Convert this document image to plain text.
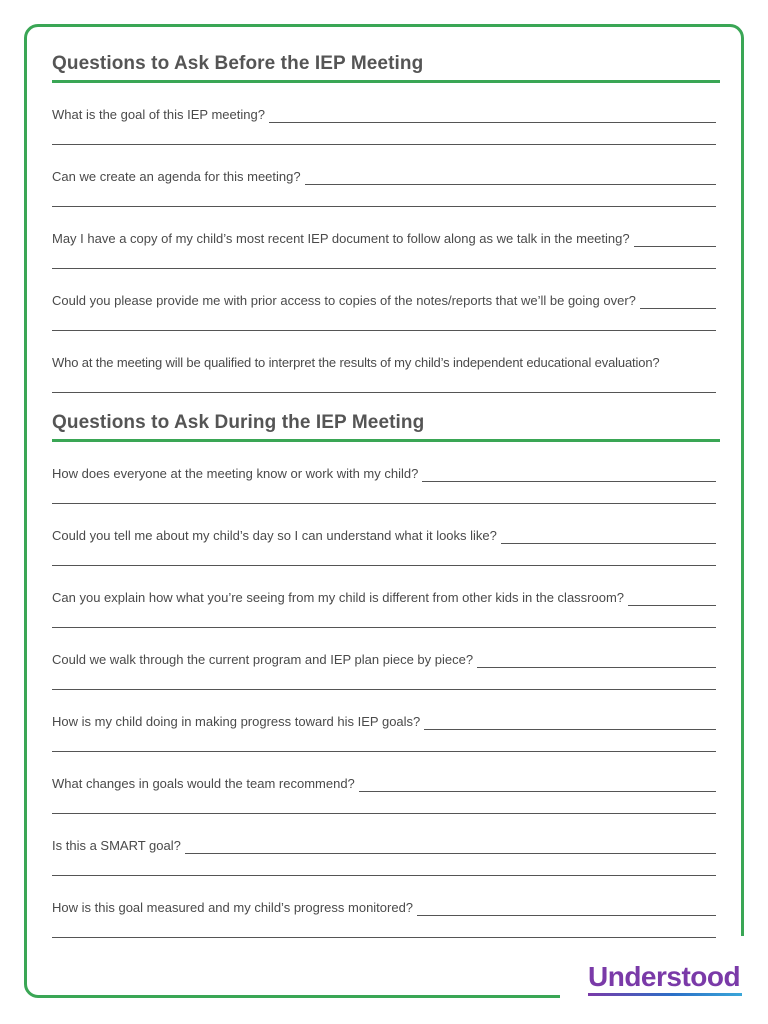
Questions to Ask Before the IEP Meeting
What is the goal of this IEP meeting?
Can we create an agenda for this meeting?
May I have a copy of my child’s most recent IEP document to follow along as we talk in the meeting?
Could you please provide me with prior access to copies of the notes/reports that we’ll be going over?
Who at the meeting will be qualified to interpret the results of my child’s independent educational evaluation?
Questions to Ask During the IEP Meeting
How does everyone at the meeting know or work with my child?
Could you tell me about my child’s day so I can understand what it looks like?
Can you explain how what you’re seeing from my child is different from other kids in the classroom?
Could we walk through the current program and IEP plan piece by piece?
How is my child doing in making progress toward his IEP goals?
What changes in goals would the team recommend?
Is this a SMART goal?
How is this goal measured and my child’s progress monitored?
Understood
